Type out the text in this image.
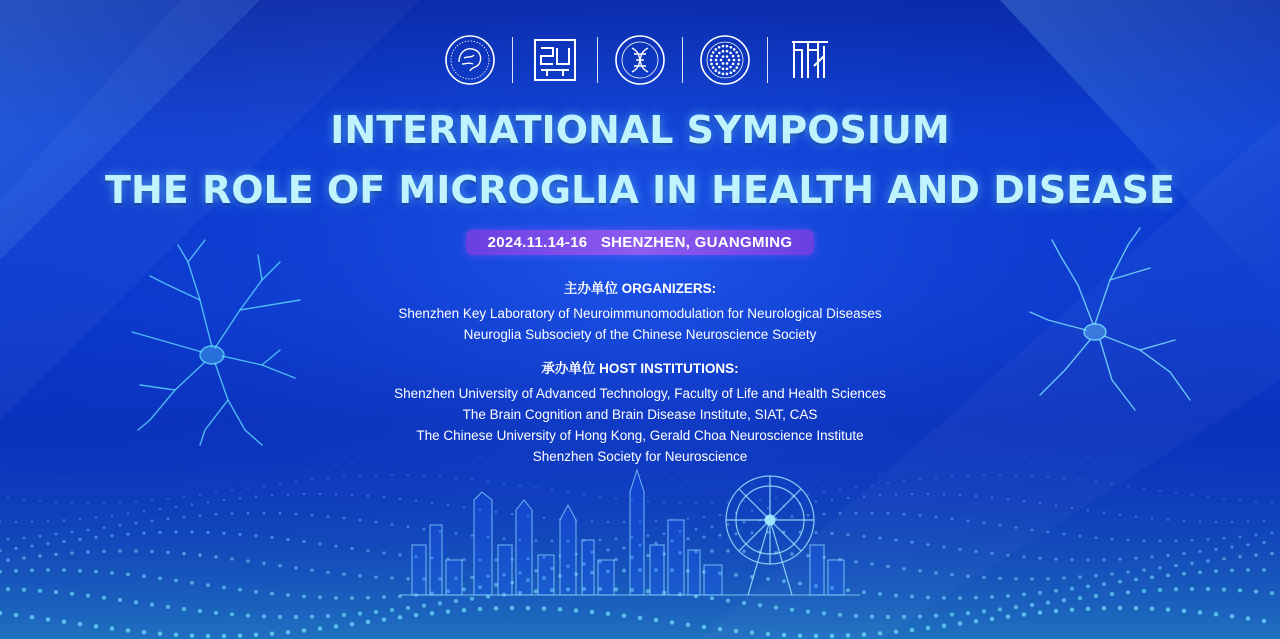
INTERNATIONAL SYMPOSIUM
THE ROLE OF MICROGLIA IN HEALTH AND DISEASE
2024.11.14-16   SHENZHEN, GUANGMING
主办单位 ORGANIZERS:
Shenzhen Key Laboratory of Neuroimmunomodulation for Neurological Diseases
Neuroglia Subsociety of the Chinese Neuroscience Society
承办单位 HOST INSTITUTIONS:
Shenzhen University of Advanced Technology, Faculty of Life and Health Sciences
The Brain Cognition and Brain Disease Institute, SIAT, CAS
The Chinese University of Hong Kong, Gerald Choa Neuroscience Institute
Shenzhen Society for Neuroscience
